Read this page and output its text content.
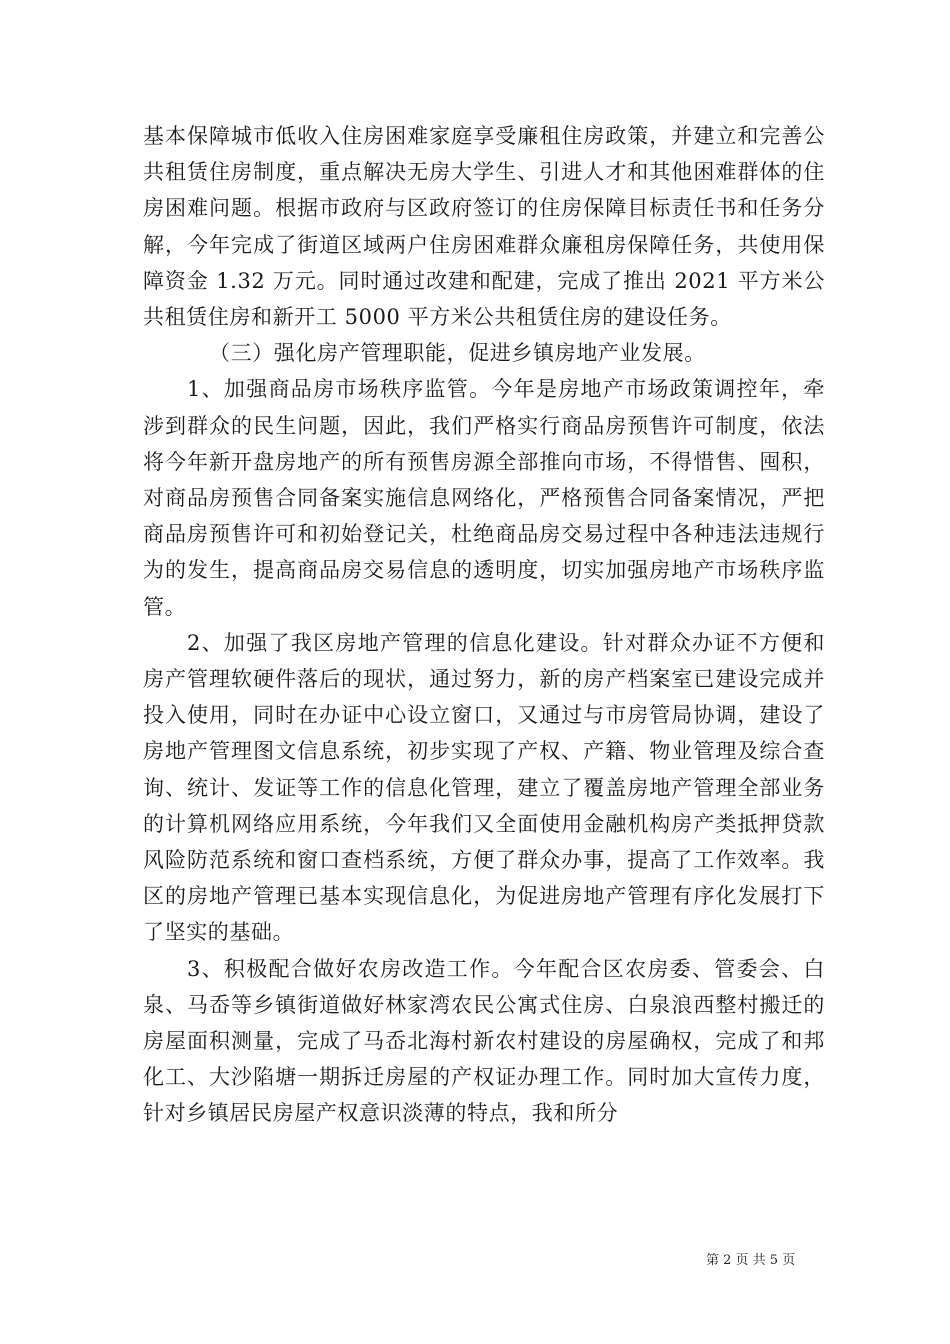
基本保障城市低收入住房困难家庭享受廉租住房政策，并建立和完善公共租赁住房制度，重点解决无房大学生、引进人才和其他困难群体的住房困难问题。根据市政府与区政府签订的住房保障目标责任书和任务分解，今年完成了街道区域两户住房困难群众廉租房保障任务，共使用保障资金 1.32 万元。同时通过改建和配建，完成了推出 2021 平方米公共租赁住房和新开工 5000 平方米公共租赁住房的建设任务。

（三）强化房产管理职能，促进乡镇房地产业发展。

1、加强商品房市场秩序监管。今年是房地产市场政策调控年，牵涉到群众的民生问题，因此，我们严格实行商品房预售许可制度，依法将今年新开盘房地产的所有预售房源全部推向市场，不得惜售、囤积，对商品房预售合同备案实施信息网络化，严格预售合同备案情况，严把商品房预售许可和初始登记关，杜绝商品房交易过程中各种违法违规行为的发生，提高商品房交易信息的透明度，切实加强房地产市场秩序监管。

2、加强了我区房地产管理的信息化建设。针对群众办证不方便和房产管理软硬件落后的现状，通过努力，新的房产档案室已建设完成并投入使用，同时在办证中心设立窗口，又通过与市房管局协调，建设了房地产管理图文信息系统，初步实现了产权、产籍、物业管理及综合查询、统计、发证等工作的信息化管理，建立了覆盖房地产管理全部业务的计算机网络应用系统，今年我们又全面使用金融机构房产类抵押贷款风险防范系统和窗口查档系统，方便了群众办事，提高了工作效率。我区的房地产管理已基本实现信息化，为促进房地产管理有序化发展打下了坚实的基础。

3、积极配合做好农房改造工作。今年配合区农房委、管委会、白泉、马岙等乡镇街道做好林家湾农民公寓式住房、白泉浪西整村搬迁的房屋面积测量，完成了马岙北海村新农村建设的房屋确权，完成了和邦化工、大沙陷塘一期拆迁房屋的产权证办理工作。同时加大宣传力度，针对乡镇居民房屋产权意识淡薄的特点，我和所分

第 2 页 共 5 页
